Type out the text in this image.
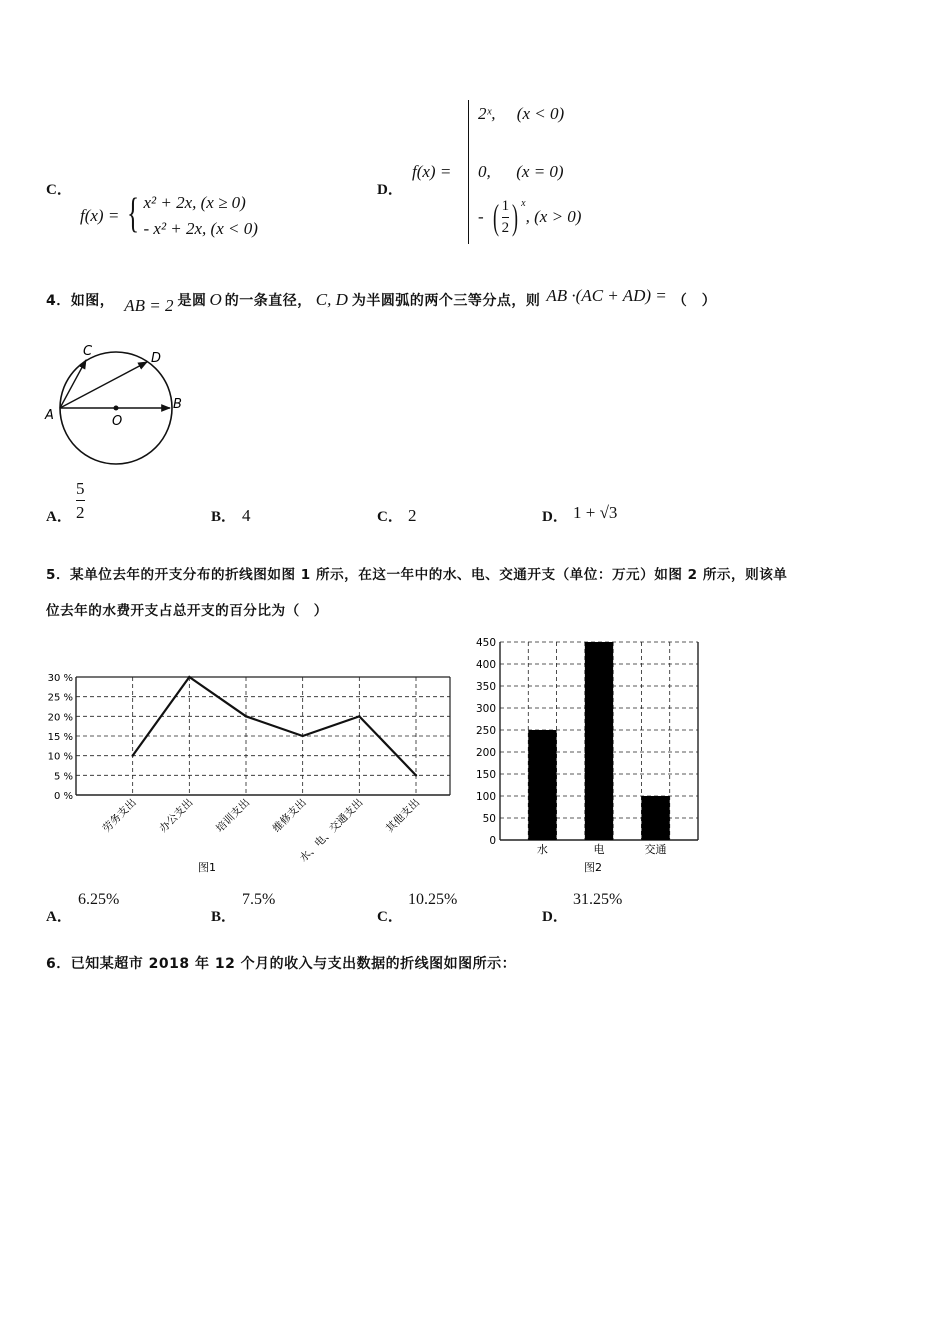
C．
f(x) = { x² + 2x, (x ≥ 0)
- x² + 2x, (x < 0)
D．
f(x) =
2ˣ,     (x < 0)
0,      (x = 0)
- ( $\frac{1}{2}$ ) x
, (x > 0)
4．如图， AB = 2 是圆 O 的一条直径， C, D 为半圆弧的两个三等分点，则 AB ·(AC + AD) = （　）
C	D
A
B
O
A．
5
2	B． 4	C． 2	D． 1 + √3
5．某单位去年的开支分布的折线图如图 1 所示，在这一年中的水、电、交通开支（单位：万元）如图 2 所示，则该单
位去年的水费开支占总开支的百分比为（　）
0 %
5 %
10 %
15 %
20 %
25 %
30 %
劳务支出 办公支出 培训支出 维修支出
水、电、交通支出 其他支出
图1
0
50
100
150
200
250
300
350
400
450
水	电	交通
图2
A．
6.25%
B．
7.5%
C．
10.25%
D．
31.25%
6．已知某超市 2018 年 12 个月的收入与支出数据的折线图如图所示：
